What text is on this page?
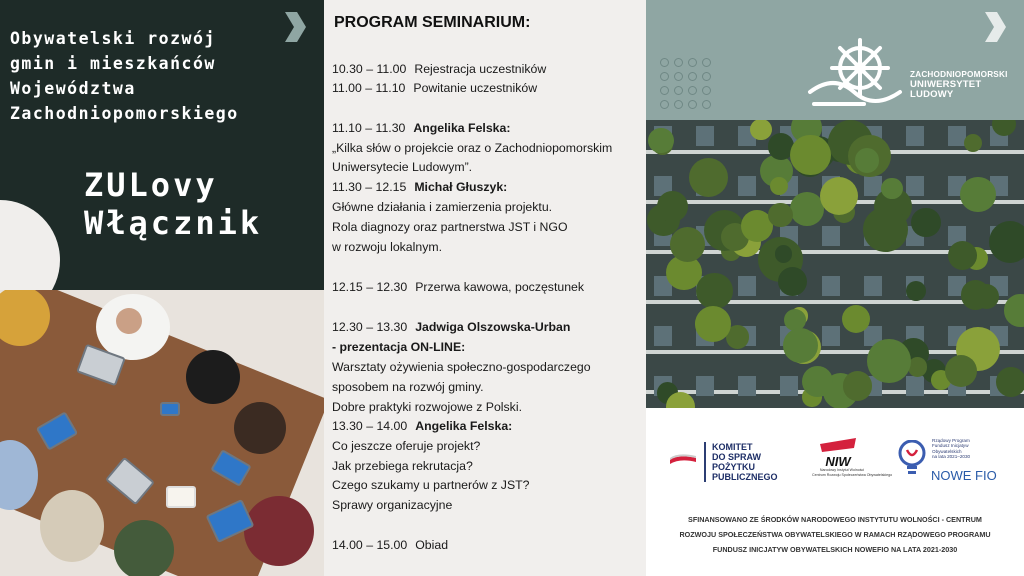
Obywatelski rozwój
gmin i mieszkańców
Województwa
Zachodniopomorskiego
ZULovy
Włącznik
PROGRAM SEMINARIUM:
10.30 – 11.00 Rejestracja uczestników
11.00 – 11.10 Powitanie uczestników
11.10 – 11.30 Angelika Felska:
„Kilka słów o projekcie oraz o Zachodniopomorskim
Uniwersytecie Ludowym”.
11.30 – 12.15 Michał Głuszyk:
Główne działania i zamierzenia projektu.
Rola diagnozy oraz partnerstwa JST i NGO
w rozwoju lokalnym.
12.15 – 12.30 Przerwa kawowa, poczęstunek
12.30 – 13.30 Jadwiga Olszowska-Urban
- prezentacja ON-LINE:
Warsztaty ożywienia społeczno-gospodarczego
sposobem na rozwój gminy.
Dobre praktyki rozwojowe z Polski.
13.30 – 14.00 Angelika Felska:
Co jeszcze oferuje projekt?
Jak przebiega rekrutacja?
Czego szukamy u partnerów z JST?
Sprawy organizacyjne
14.00 – 15.00 Obiad
ZACHODNIOPOMORSKI
UNIWERSYTET
LUDOWY
KOMITET
DO SPRAW
POŻYTKU
PUBLICZNEGO
NIW
Narodowy Instytut Wolności
Centrum Rozwoju Społeczeństwa Obywatelskiego
Rządowy Program
Fundusz Inicjatyw
Obywatelskich
na lata 2021–2030
NOWE FIO
SFINANSOWANO ZE ŚRODKÓW NARODOWEGO INSTYTUTU WOLNOŚCI - CENTRUM
ROZWOJU SPOŁECZEŃSTWA OBYWATELSKIEGO W RAMACH RZĄDOWEGO PROGRAMU
FUNDUSZ INICJATYW OBYWATELSKICH NOWEFIO NA LATA 2021-2030
